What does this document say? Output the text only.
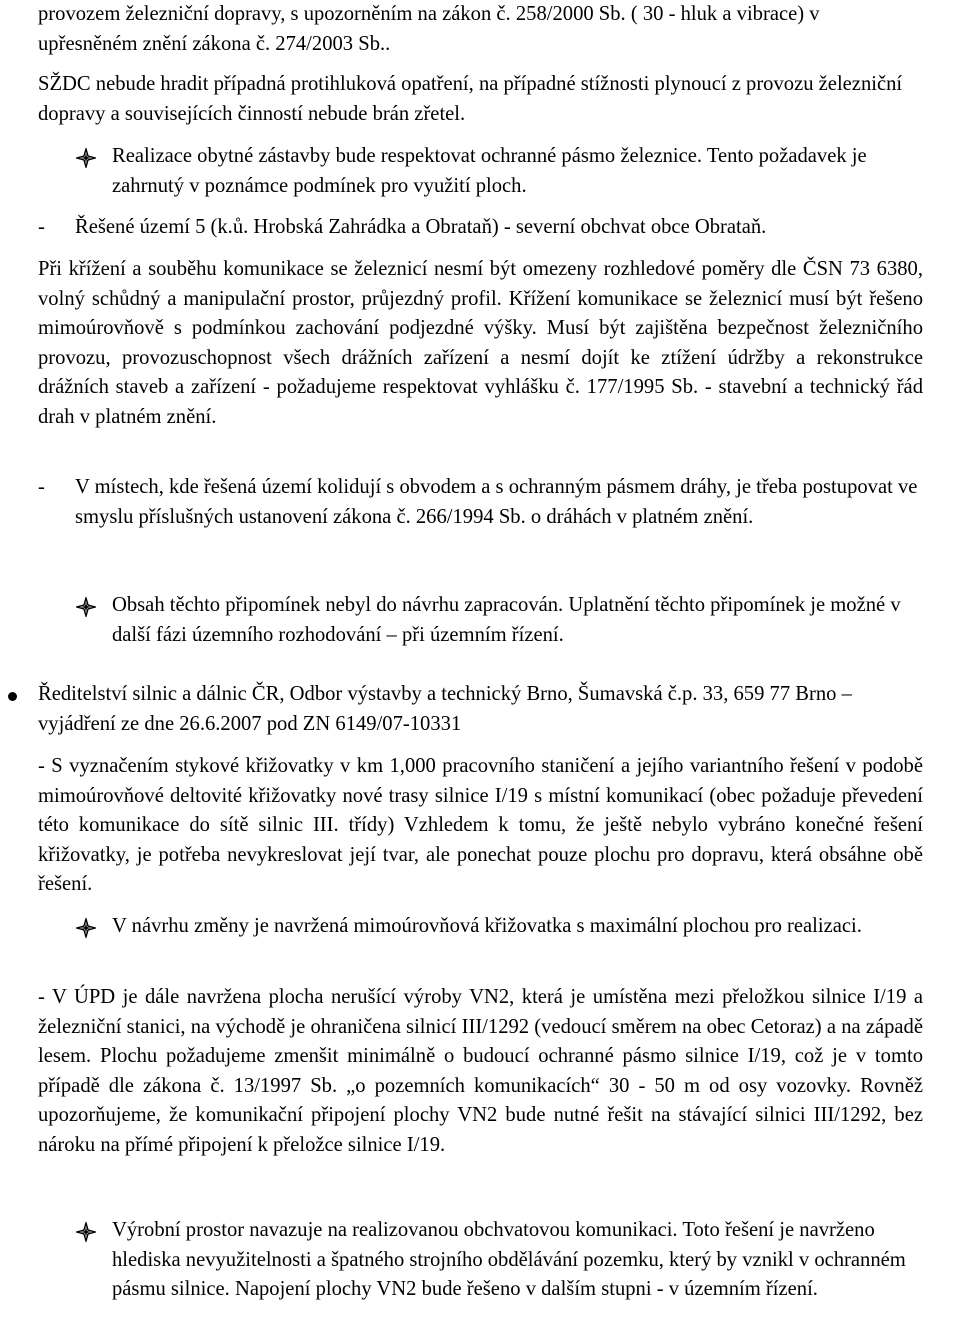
provozem železniční dopravy, s upozorněním na zákon č. 258/2000 Sb. ( 30 - hluk a vibrace) v upřesněném znění zákona č. 274/2003 Sb..

SŽDC nebude hradit případná protihluková opatření, na případné stížnosti plynoucí z provozu železniční dopravy a souvisejících činností nebude brán zřetel.

Realizace obytné zástavby bude respektovat ochranné pásmo železnice. Tento požadavek je zahrnutý v poznámce podmínek pro využití ploch.

- Řešené území 5 (k.ů. Hrobská Zahrádka a Obrataň) - severní obchvat obce Obrataň.

Při křížení a souběhu komunikace se železnicí nesmí být omezeny rozhledové poměry dle ČSN 73 6380, volný schůdný a manipulační prostor, průjezdný profil. Křížení komunikace se železnicí musí být řešeno mimoúrovňově s podmínkou zachování podjezdné výšky. Musí být zajištěna bezpečnost železničního provozu, provozuschopnost všech drážních zařízení a nesmí dojít ke ztížení údržby a rekonstrukce drážních staveb a zařízení - požadujeme respektovat vyhlášku č. 177/1995 Sb. - stavební a technický řád drah v platném znění.

- V místech, kde řešená území kolidují s obvodem a s ochranným pásmem dráhy, je třeba postupovat ve smyslu příslušných ustanovení zákona č. 266/1994 Sb. o dráhách v platném znění.

Obsah těchto připomínek nebyl do návrhu zapracován. Uplatnění těchto připomínek je možné v další fázi územního rozhodování – při územním řízení.

Ředitelství silnic a dálnic ČR, Odbor výstavby a technický Brno, Šumavská č.p. 33, 659 77 Brno – vyjádření ze dne 26.6.2007 pod ZN 6149/07-10331

- S vyznačením stykové křižovatky v km 1,000 pracovního staničení a jejího variantního řešení v podobě mimoúrovňové deltovité křižovatky nové trasy silnice I/19 s místní komunikací (obec požaduje převedení této komunikace do sítě silnic III. třídy) Vzhledem k tomu, že ještě nebylo vybráno konečné řešení křižovatky, je potřeba nevykreslovat její tvar, ale ponechat pouze plochu pro dopravu, která obsáhne obě řešení.

V návrhu změny je navržená mimoúrovňová křižovatka s maximální plochou pro realizaci.

- V ÚPD je dále navržena plocha nerušící výroby VN2, která je umístěna mezi přeložkou silnice I/19 a železniční stanici, na východě je ohraničena silnicí III/1292 (vedoucí směrem na obec Cetoraz) a na západě lesem. Plochu požadujeme zmenšit minimálně o budoucí ochranné pásmo silnice I/19, což je v tomto případě dle zákona č. 13/1997 Sb. „o pozemních komunikacích“ 30 - 50 m od osy vozovky. Rovněž upozorňujeme, že komunikační připojení plochy VN2 bude nutné řešit na stávající silnici III/1292, bez nároku na přímé připojení k přeložce silnice I/19.

Výrobní prostor navazuje na realizovanou obchvatovou komunikaci. Toto řešení je navrženo hlediska nevyužitelnosti a špatného strojního obdělávání pozemku, který by vznikl v ochranném pásmu silnice. Napojení plochy VN2 bude řešeno v dalším stupni - v územním řízení.
